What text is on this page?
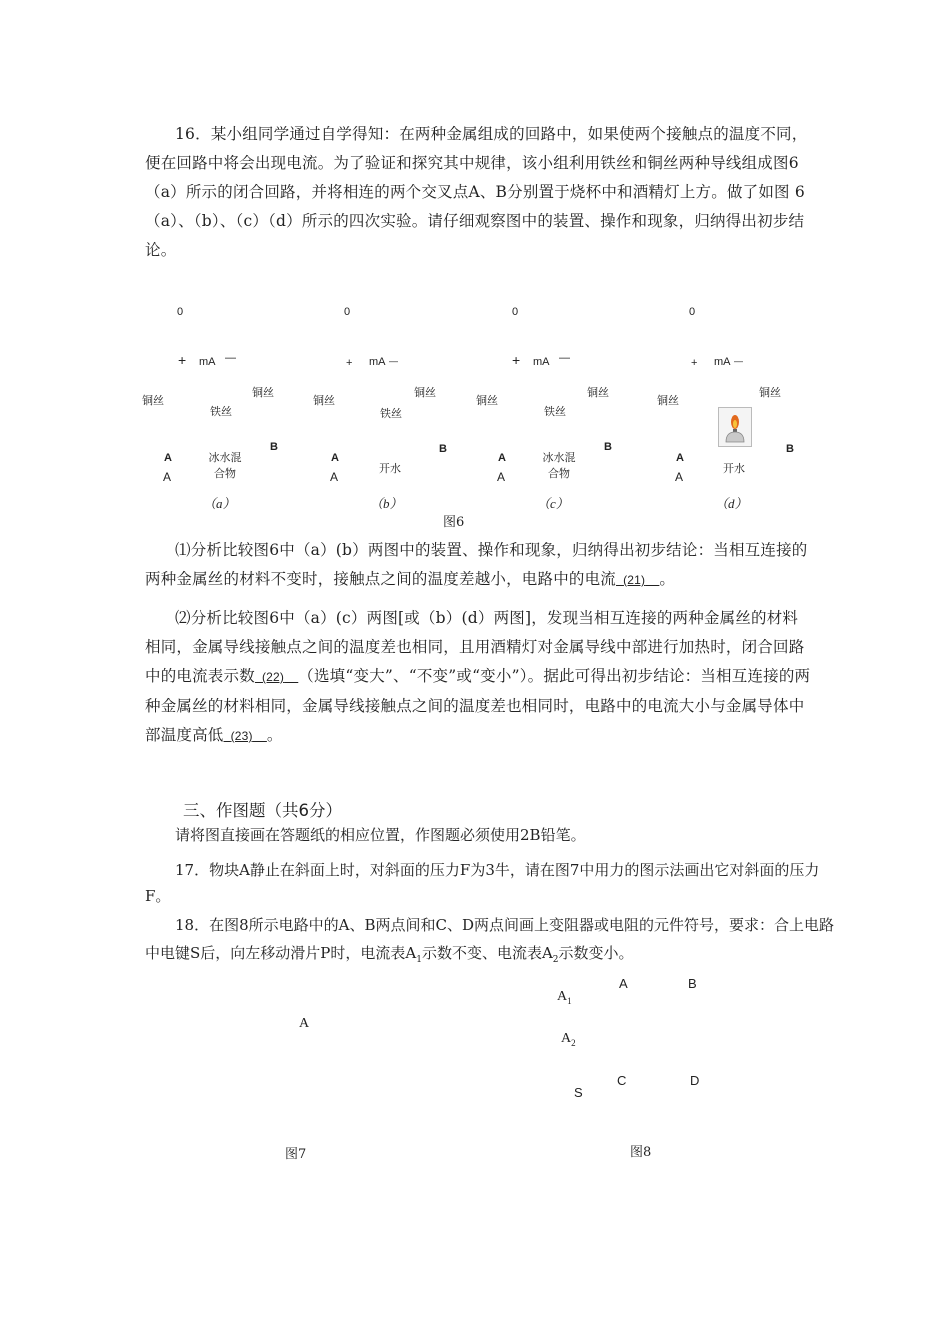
16．某小组同学通过自学得知：在两种金属组成的回路中，如果使两个接触点的温度不同，便在回路中将会出现电流。为了验证和探究其中规律，该小组利用铁丝和铜丝两种导线组成图6（a）所示的闭合回路，并将相连的两个交叉点A、B分别置于烧杯中和酒精灯上方。做了如图 6（a）、（b）、（c）（d）所示的四次实验。请仔细观察图中的装置、操作和现象，归纳得出初步结论。
0
+ mA —
铜丝
铜丝
铁丝
A
A
B
冰水混合物
（a）
0
+ mA —
铜丝
铜丝
铁丝
A
A
B
开水
（b）
0
+ mA —
铜丝
铜丝
铁丝
A
A
B
冰水混合物
（c）
0
+ mA —
铜丝
铜丝
A
A
B
开水
（d）
图6
⑴分析比较图6中（a）(b）两图中的装置、操作和现象，归纳得出初步结论：当相互连接的两种金属丝的材料不变时，接触点之间的温度差越小，电路中的电流 (21) 。
⑵分析比较图6中（a）(c）两图[或（b）(d）两图]，发现当相互连接的两种金属丝的材料相同，金属导线接触点之间的温度差也相同，且用酒精灯对金属导线中部进行加热时，闭合回路中的电流表示数 (22) （选填“变大”、“不变”或“变小”）。据此可得出初步结论：当相互连接的两种金属丝的材料相同，金属导线接触点之间的温度差也相同时，电路中的电流大小与金属导体中部温度高低 (23) 。
三、作图题（共6分）
请将图直接画在答题纸的相应位置，作图题必须使用2B铅笔。
17．物块A静止在斜面上时，对斜面的压力F为3牛，请在图7中用力的图示法画出它对斜面的压力F。
18．在图8所示电路中的A、B两点间和C、D两点间画上变阻器或电阻的元件符号，要求：合上电路中电键S后，向左移动滑片P时，电流表$A_1$示数不变、电流表$A_2$示数变小。
A
图7
$A_1$
$A_2$
A	B
C	D
S
图8
